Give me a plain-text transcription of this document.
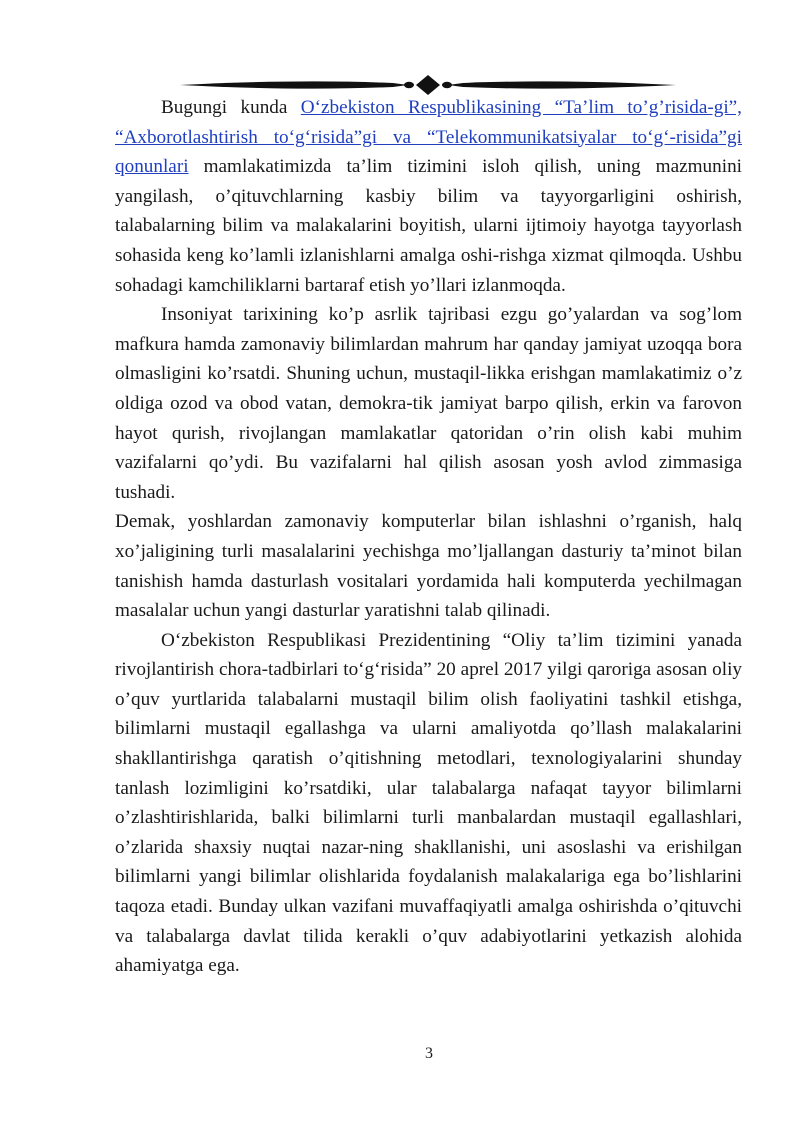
Bugungi kunda O‘zbekiston Respublikasining “Ta’lim to’g’risida-gi”, “Axborotlashtirish to‘g‘risida”gi va “Telekommunikatsiyalar to‘g‘-risida”gi qonunlari mamlakatimizda ta’lim tizimini isloh qilish, uning mazmunini yangilash, o’qituvchlarning kasbiy bilim va tayyorgarligini oshirish, talabalarning bilim va malakalarini boyitish, ularni ijtimoiy hayotga tayyorlash sohasida keng ko’lamli izlanishlarni amalga oshi-rishga xizmat qilmoqda. Ushbu sohadagi kamchiliklarni bartaraf etish yo’llari izlanmoqda.

Insoniyat tarixining ko’p asrlik tajribasi ezgu go’yalardan va sog’lom mafkura hamda zamonaviy bilimlardan mahrum har qanday jamiyat uzoqqa bora olmasligini ko’rsatdi. Shuning uchun, mustaqil-likka erishgan mamlakatimiz o’z oldiga ozod va obod vatan, demokra-tik jamiyat barpo qilish, erkin va farovon hayot qurish, rivojlangan mamlakatlar qatoridan o’rin olish kabi muhim vazifalarni qo’ydi. Bu vazifalarni hal qilish asosan yosh avlod zimmasiga tushadi.

Demak, yoshlardan zamonaviy komputerlar bilan ishlashni o’rganish, halq xo’jaligining turli masalalarini yechishga mo’ljallangan dasturiy ta’minot bilan tanishish hamda dasturlash vositalari yordamida hali komputerda yechilmagan masalalar uchun yangi dasturlar yaratishni talab qilinadi.

O‘zbekiston Respublikasi Prezidentining “Oliy ta’lim tizimini yanada rivojlantirish chora-tadbirlari to‘g‘risida” 20 aprel 2017 yilgi qaroriga asosan oliy o’quv yurtlarida talabalarni mustaqil bilim olish faoliyatini tashkil etishga, bilimlarni mustaqil egallashga va ularni amaliyotda qo’llash malakalarini shakllantirishga qaratish o’qitishning metodlari, texnologiyalarini shunday tanlash lozimligini ko’rsatdiki, ular talabalarga nafaqat tayyor bilimlarni o’zlashtirishlarida, balki bilimlarni turli manbalardan mustaqil egallashlari, o’zlarida shaxsiy nuqtai nazar-ning shakllanishi, uni asoslashi va erishilgan bilimlarni yangi bilimlar olishlarida foydalanish malakalariga ega bo’lishlarini taqoza etadi. Bunday ulkan vazifani muvaffaqiyatli amalga oshirishda o’qituvchi va talabalarga davlat tilida kerakli o’quv adabiyotlarini yetkazish alohida ahamiyatga ega.

3
